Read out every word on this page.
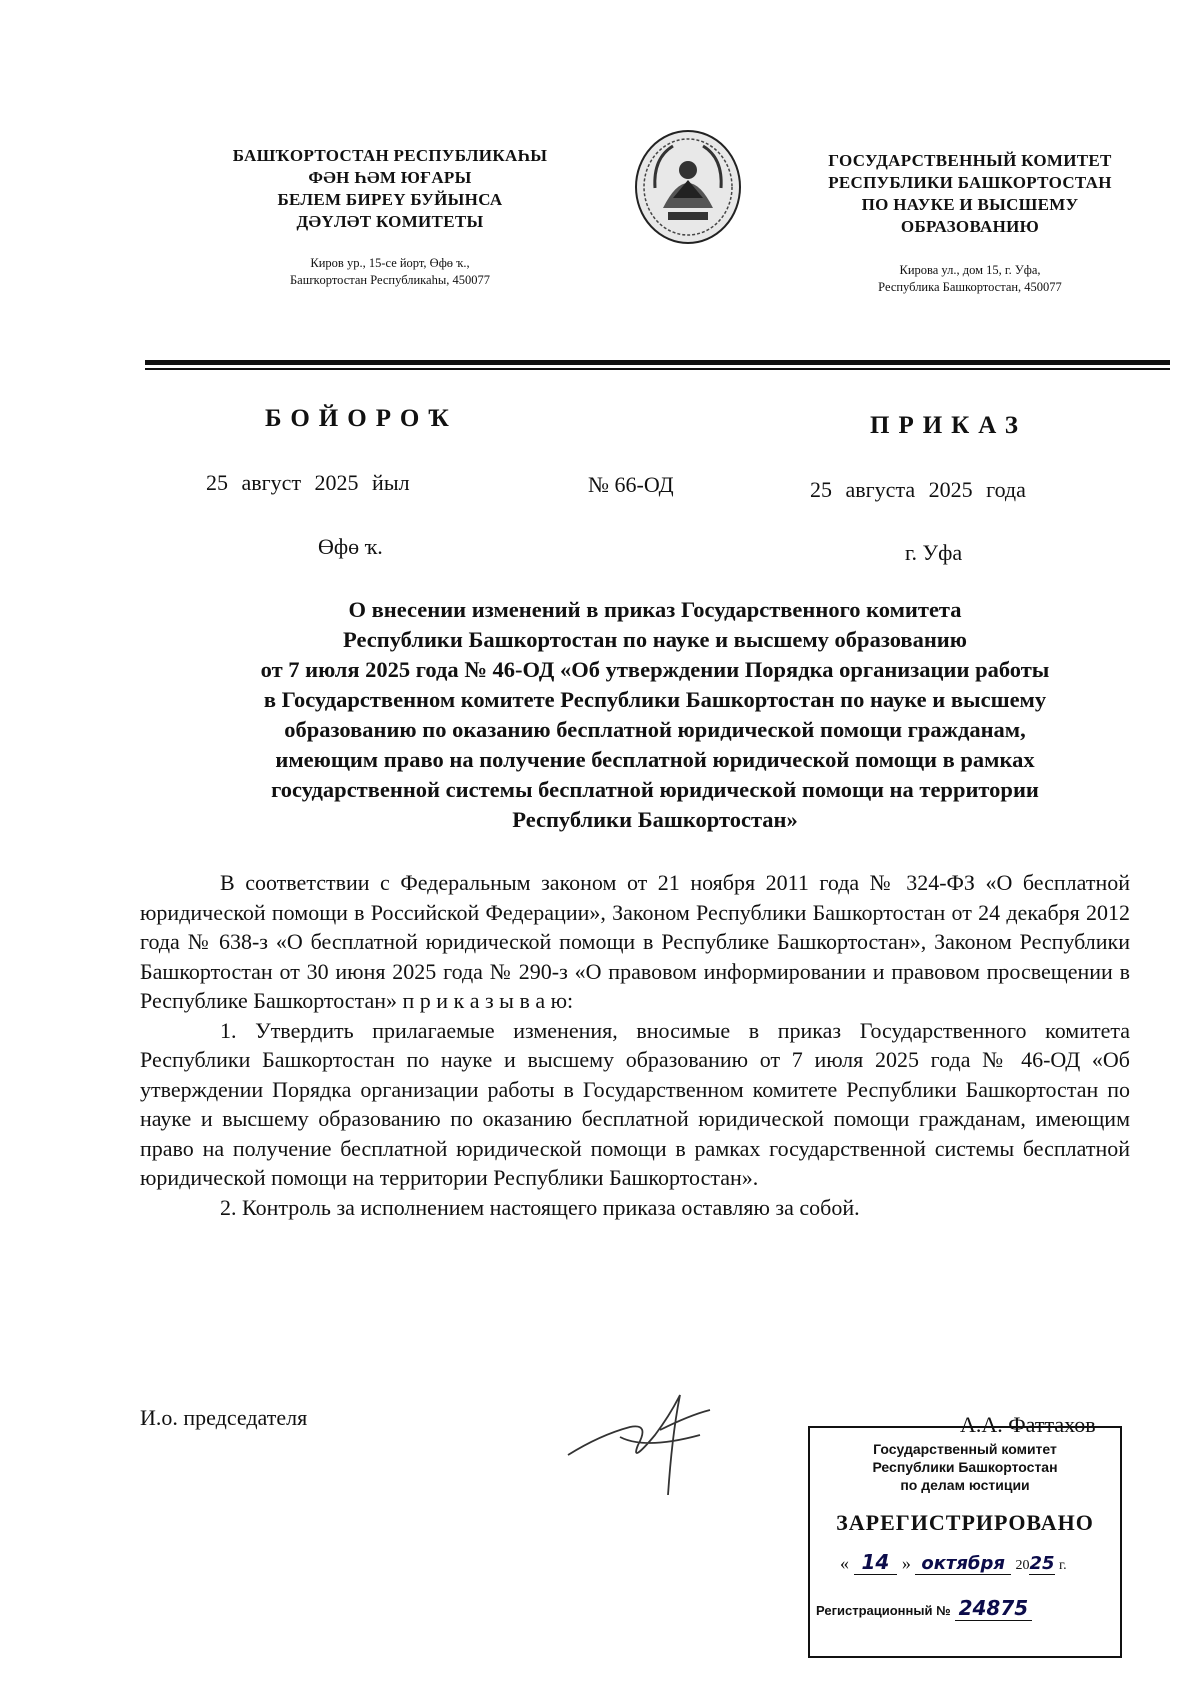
БАШҠОРТОСТАН РЕСПУБЛИКАҺЫ
ФӘН ҺӘМ ЮҒАРЫ
БЕЛЕМ БИРЕҮ БУЙЫНСА
ДӘҮЛӘТ КОМИТЕТЫ
Киров ур., 15-се йорт, Өфө ҡ.,
Башҡортостан Республикаһы, 450077
ГОСУДАРСТВЕННЫЙ КОМИТЕТ
РЕСПУБЛИКИ БАШКОРТОСТАН
ПО НАУКЕ И ВЫСШЕМУ
ОБРАЗОВАНИЮ
Кирова ул., дом 15, г. Уфа,
Республика Башкортостан, 450077
БОЙОРОҠ	ПРИКАЗ
25 август 2025 йыл	№ 66-ОД	25 августа 2025 года
Өфө ҡ.	г. Уфа
О внесении изменений в приказ Государственного комитета
Республики Башкортостан по науке и высшему образованию
от 7 июля 2025 года № 46-ОД «Об утверждении Порядка организации работы
в Государственном комитете Республики Башкортостан по науке и высшему
образованию по оказанию бесплатной юридической помощи гражданам,
имеющим право на получение бесплатной юридической помощи в рамках
государственной системы бесплатной юридической помощи на территории
Республики Башкортостан»

В соответствии с Федеральным законом от 21 ноября 2011 года № 324-ФЗ «О бесплатной юридической помощи в Российской Федерации», Законом Республики Башкортостан от 24 декабря 2012 года № 638-з «О бесплатной юридической помощи в Республике Башкортостан», Законом Республики Башкортостан от 30 июня 2025 года № 290-з «О правовом информировании и правовом просвещении в Республике Башкортостан» п р и к а з ы в а ю:

1. Утвердить прилагаемые изменения, вносимые в приказ Государственного комитета Республики Башкортостан по науке и высшему образованию от 7 июля 2025 года № 46-ОД «Об утверждении Порядка организации работы в Государственном комитете Республики Башкортостан по науке и высшему образованию по оказанию бесплатной юридической помощи гражданам, имеющим право на получение бесплатной юридической помощи в рамках государственной системы бесплатной юридической помощи на территории Республики Башкортостан».

2. Контроль за исполнением настоящего приказа оставляю за собой.

И.о. председателя	А.А. Фаттахов
Государственный комитет
Республики Башкортостан
по делам юстиции
ЗАРЕГИСТРИРОВАНО
« 14 » октября 2025 г.
Регистрационный № 24875
